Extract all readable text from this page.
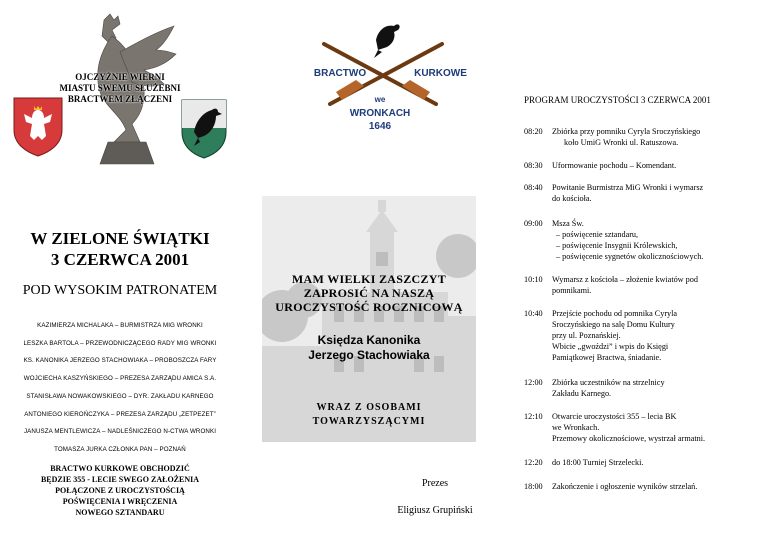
OJCZYŹNIE WIERNI
MIASTU SWEMU SŁUŻEBNI
BRACTWEM ZŁĄCZENI
W ZIELONE ŚWIĄTKI
3 CZERWCA 2001
POD WYSOKIM PATRONATEM
KAZIMIERZA MICHALAKA – BURMISTRZA MIG WRONKI
LESZKA BARTOLA – PRZEWODNICZĄCEGO RADY MIG WRONKI
KS. KANONIKA JERZEGO STACHOWIAKA – PROBOSZCZA FARY
WOJCIECHA KASZYŃSKIEGO – PREZESA ZARZĄDU AMICA S.A.
STANISŁAWA NOWAKOWSKIEGO – DYR. ZAKŁADU KARNEGO
ANTONIEGO KIEROŃCZYKA – PREZESA ZARZĄDU „ZETPEZET”
JANUSZA MENTLEWICZA – NADLEŚNICZEGO N-CTWA WRONKI
TOMASZA JURKA CZŁONKA PAN – POZNAŃ
BRACTWO KURKOWE OBCHODZIĆ
BĘDZIE 355 - LECIE SWEGO ZAŁOŻENIA
POŁĄCZONE Z UROCZYSTOŚCIĄ
POŚWIĘCENIA I WRĘCZENIA
NOWEGO SZTANDARU
BRACTWO	KURKOWE
we
WRONKACH
1646
MAM WIELKI ZASZCZYT
ZAPROSIĆ NA NASZĄ
UROCZYSTOŚĆ ROCZNICOWĄ
Księdza Kanonika
Jerzego Stachowiaka
WRAZ Z OSOBAMI
TOWARZYSZĄCYMI
Prezes
Eligiusz Grupiński
PROGRAM UROCZYSTOŚCI 3 CZERWCA 2001
08:20 Zbiórka przy pomniku Cyryla Sroczyńskiego
koło UmiG Wronki ul. Ratuszowa.
08:30 Uformowanie pochodu – Komendant.
08:40 Powitanie Burmistrza MiG Wronki i wymarsz
do kościoła.
09:00 Msza Św.
– poświęcenie sztandaru,
– poświęcenie Insygnii Królewskich,
– poświęcenie sygnetów okolicznościowych.
10:10 Wymarsz z kościoła – złożenie kwiatów pod
pomnikami.
10:40 Przejście pochodu od pomnika Cyryla
Sroczyńskiego na salę Domu Kultury
przy ul. Poznańskiej.
Wbicie „gwoździ” i wpis do Księgi
Pamiątkowej Bractwa, śniadanie.
12:00 Zbiórka uczestników na strzelnicy
Zakładu Karnego.
12:10 Otwarcie uroczystości 355 – lecia BK
we Wronkach.
Przemowy okolicznościowe, wystrzał armatni.
12:20 do 18:00 Turniej Strzelecki.
18:00 Zakończenie i ogłoszenie wyników strzelań.
